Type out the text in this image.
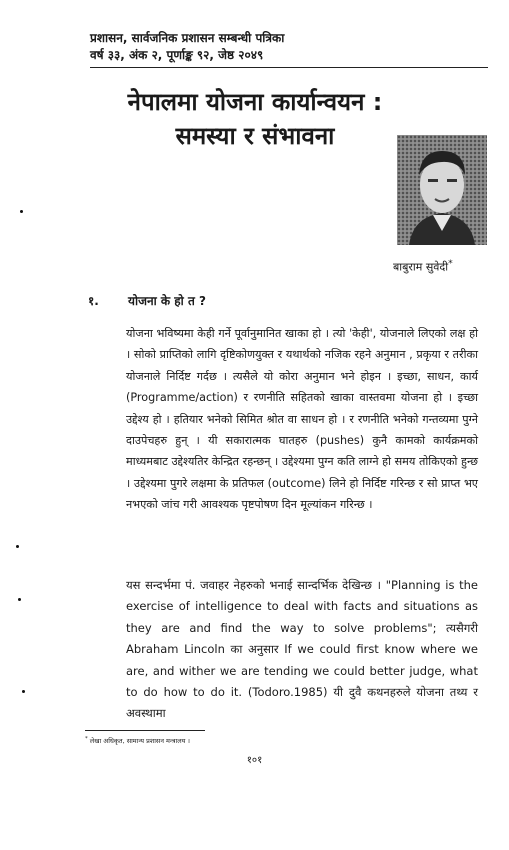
प्रशासन, सार्वजनिक प्रशासन सम्बन्धी पत्रिका
वर्ष ३३, अंक २, पूर्णाङ्क ९२, जेष्ठ २०४९
नेपालमा योजना कार्यान्वयन :
समस्या र संभावना
बाबुराम सुवेदी*
१. योजना के हो त ?

योजना भविष्यमा केही गर्ने पूर्वानुमानित खाका हो । त्यो 'केही', योजनाले लिएको लक्ष हो । सोको प्राप्तिको लागि दृष्टिकोणयुक्त र यथार्थको नजिक रहने अनुमान , प्रकृया र तरीका योजनाले निर्दिष्ट गर्दछ । त्यसैले यो कोरा अनुमान भने होइन । इच्छा, साधन, कार्य (Programme/action) र रणनीति सहितको खाका वास्तवमा योजना हो । इच्छा उद्देश्य हो । हतियार भनेको सिमित श्रोत वा साधन हो । र रणनीति भनेको गन्तव्यमा पुग्ने दाउपेचहरु हुन् । यी सकारात्मक घातहरु (pushes) कुनै कामको कार्यक्रमको माध्यमबाट उद्देश्यतिर केन्द्रित रहन्छन् । उद्देश्यमा पुग्न कति लाग्ने हो समय तोकिएको हुन्छ । उद्देश्यमा पुगरे लक्षमा के प्रतिफल (outcome) लिने हो निर्दिष्ट गरिन्छ र सो प्राप्त भए नभएको जांच गरी आवश्यक पृष्टपोषण दिन मूल्यांकन गरिन्छ ।

यस सन्दर्भमा पं. जवाहर नेहरुको भनाई सान्दर्भिक देखिन्छ । "Planning is the exercise of intelligence to deal with facts and situations as they are and find the way to solve problems"; त्यसैगरी Abraham Lincoln का अनुसार If we could first know where we are, and wither we are tending we could better judge, what to do how to do it. (Todoro.1985) यी दुवै कथनहरुले योजना तथ्य र अवस्थामा

* लेखा अधिकृत, सामान्य प्रशासन मन्त्रालय ।
१०१
